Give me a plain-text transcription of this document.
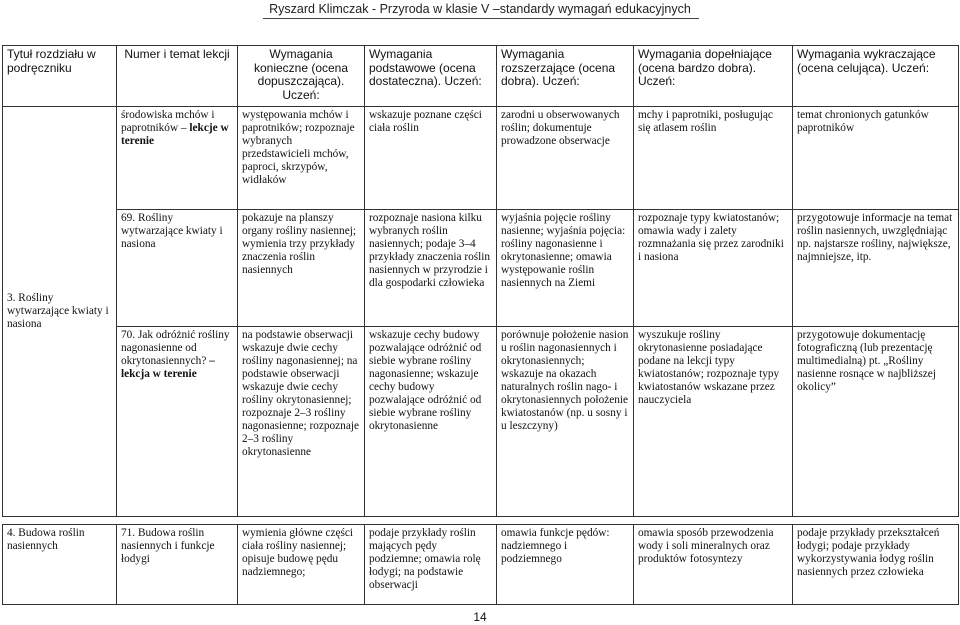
Ryszard Klimczak - Przyroda w klasie V –standardy wymagań edukacyjnych
Tytuł rozdziału w podręczniku	Numer i temat lekcji	Wymagania konieczne (ocena dopuszczająca). Uczeń:	Wymagania podstawowe (ocena dostateczna). Uczeń:	Wymagania rozszerzające (ocena dobra). Uczeń:	Wymagania dopełniające (ocena bardzo dobra). Uczeń:	Wymagania wykraczające (ocena celująca). Uczeń:
3. Rośliny wytwarzające kwiaty i nasiona	środowiska mchów i paprotników – lekcje w terenie	występowania mchów i paprotników; rozpoznaje wybranych przedstawicieli mchów, paproci, skrzypów, widłaków	wskazuje poznane części ciała roślin	zarodni u obserwowanych roślin; dokumentuje prowadzone obserwacje	mchy i paprotniki, posługując się atlasem roślin	temat chronionych gatunków paprotników
	69. Rośliny wytwarzające kwiaty i nasiona	pokazuje na planszy organy rośliny nasiennej; wymienia trzy przykłady znaczenia roślin nasiennych	rozpoznaje nasiona kilku wybranych roślin nasiennych; podaje 3–4 przykłady znaczenia roślin nasiennych w przyrodzie i dla gospodarki człowieka	wyjaśnia pojęcie rośliny nasienne; wyjaśnia pojęcia: rośliny nagonasienne i okrytonasienne; omawia występowanie roślin nasiennych na Ziemi	rozpoznaje typy kwiatostanów; omawia wady i zalety rozmnażania się przez zarodniki i nasiona	przygotowuje informacje na temat roślin nasiennych, uwzględniając np. najstarsze rośliny, największe, najmniejsze, itp.
	70. Jak odróżnić rośliny nagonasienne od okrytonasiennych? – lekcja w terenie	na podstawie obserwacji wskazuje dwie cechy rośliny nagonasiennej; na podstawie obserwacji wskazuje dwie cechy rośliny okrytonasiennej; rozpoznaje 2–3 rośliny nagonasienne; rozpoznaje 2–3 rośliny okrytonasienne	wskazuje cechy budowy pozwalające odróżnić od siebie wybrane rośliny nagonasienne; wskazuje cechy budowy pozwalające odróżnić od siebie wybrane rośliny okrytonasienne	porównuje położenie nasion u roślin nagonasiennych i okrytonasiennych; wskazuje na okazach naturalnych roślin nago- i okrytonasiennych położenie kwiatostanów (np. u sosny i u leszczyny)	wyszukuje rośliny okrytonasienne posiadające podane na lekcji typy kwiatostanów; rozpoznaje typy kwiatostanów wskazane przez nauczyciela	przygotowuje dokumentację fotograficzną (lub prezentację multimedialną) pt. „Rośliny nasienne rosnące w najbliższej okolicy”

4. Budowa roślin nasiennych	71. Budowa roślin nasiennych i funkcje łodygi	wymienia główne części ciała rośliny nasiennej; opisuje budowę pędu nadziemnego;	podaje przykłady roślin mających pędy podziemne; omawia rolę łodygi; na podstawie obserwacji	omawia funkcje pędów: nadziemnego i podziemnego	omawia sposób przewodzenia wody i soli mineralnych oraz produktów fotosyntezy	podaje przykłady przekształceń łodygi; podaje przykłady wykorzystywania łodyg roślin nasiennych przez człowieka
14
